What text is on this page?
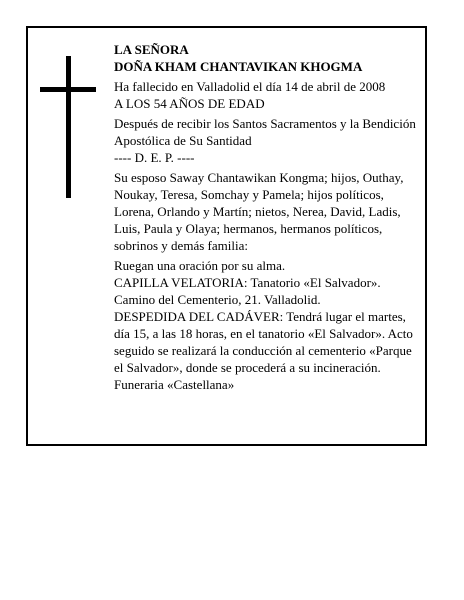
LA SEÑORA

DOÑA KHAM CHANTAVIKAN KHOGMA

Ha fallecido en Valladolid el día 14 de abril de 2008

A LOS 54 AÑOS DE EDAD

Después de recibir los Santos Sacramentos y la Bendición Apostólica de Su Santidad

---- D. E. P. ----

Su esposo Saway Chantawikan Kongma; hijos, Outhay, Noukay, Teresa, Somchay y Pamela; hijos políticos, Lorena, Orlando y Martín; nietos, Nerea, David, Ladis, Luis, Paula y Olaya; hermanos, hermanos políticos, sobrinos y demás familia:

Ruegan una oración por su alma.

CAPILLA VELATORIA: Tanatorio «El Salvador». Camino del Cementerio, 21. Valladolid.

DESPEDIDA DEL CADÁVER: Tendrá lugar el martes, día 15, a las 18 horas, en el tanatorio «El Salvador». Acto seguido se realizará la conducción al cementerio «Parque el Salvador», donde se procederá a su incineración.

Funeraria «Castellana»
